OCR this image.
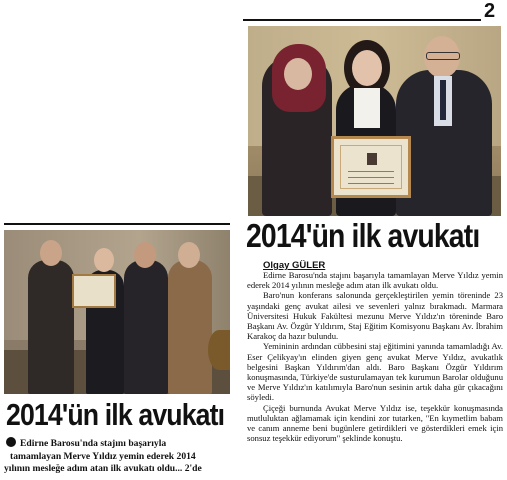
2
2014'ün ilk avukatı
Olgay GÜLER

Edirne Barosu'nda stajını başarıyla tamamlayan Merve Yıldız yemin ederek 2014 yılının mesleğe adım atan ilk avukatı oldu.

Baro'nun konferans salonunda gerçekleştirilen yemin töreninde 23 yaşındaki genç avukat ailesi ve sevenleri yalnız bırakmadı. Marmara Üniversitesi Hukuk Fakültesi mezunu Merve Yıldız'ın töreninde Baro Başkanı Av. Özgür Yıldırım, Staj Eğitim Komisyonu Başkanı Av. İbrahim Karakoç da hazır bulundu.

Yemininin ardından cübbesini staj eğitimini yanında tamamladığı Av. Eser Çelikyay'ın elinden giyen genç avukat Merve Yıldız, avukatlık belgesini Başkan Yıldırım'dan aldı. Baro Başkanı Özgür Yıldırım konuşmasında, Türkiye'de susturulamayan tek kurumun Barolar olduğunu ve Merve Yıldız'ın katılımıyla Baro'nun sesinin artık daha gür çıkacağını söyledi.

Çiçeği burnunda Avukat Merve Yıldız ise, teşekkür konuşmasında mutluluktan ağlamamak için kendini zor tutarken, "En kıymetlim babam ve canım anneme beni bugünlere getirdikleri ve gösterdikleri emek için sonsuz teşekkür ediyorum" şeklinde konuştu.

2014'ün ilk avukatı
Edirne Barosu'nda stajını başarıyla
tamamlayan Merve Yıldız yemin ederek 2014
yılının mesleğe adım atan ilk avukatı oldu... 2'de
